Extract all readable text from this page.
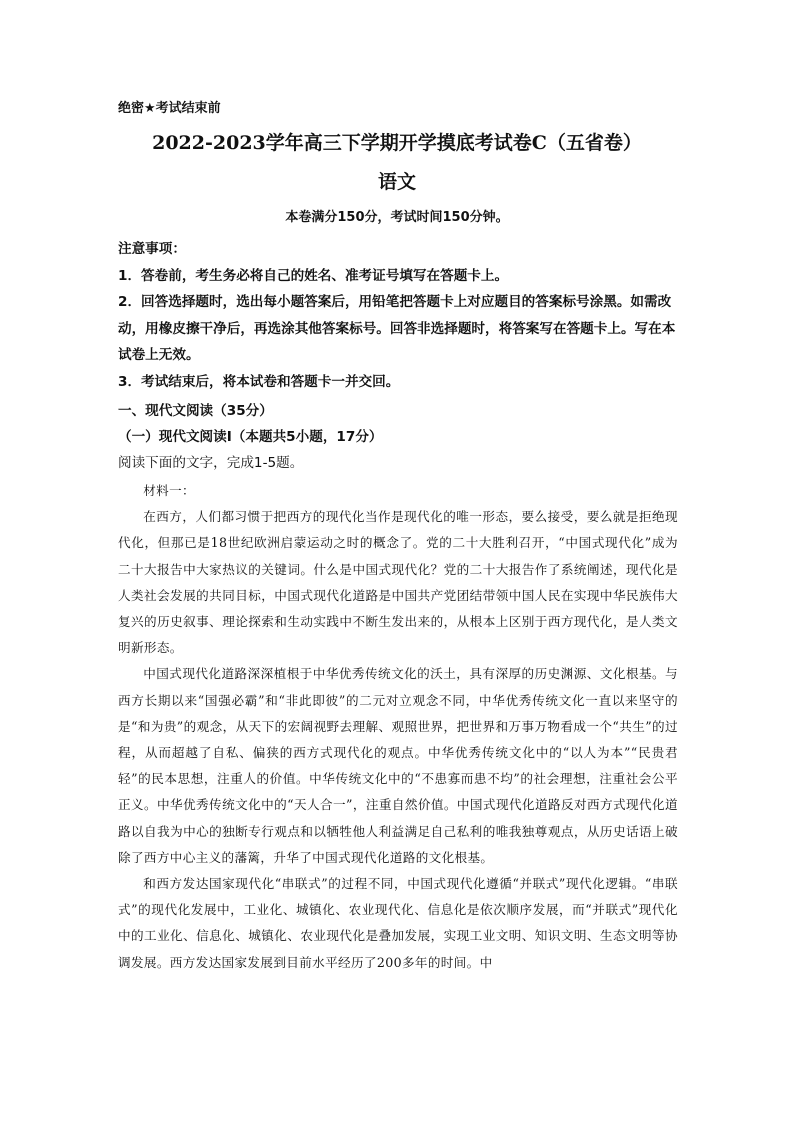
绝密★考试结束前
2022-2023学年高三下学期开学摸底考试卷C（五省卷）
语文
本卷满分150分，考试时间150分钟。

注意事项：

1．答卷前，考生务必将自己的姓名、准考证号填写在答题卡上。

2．回答选择题时，选出每小题答案后，用铅笔把答题卡上对应题目的答案标号涂黑。如需改动，用橡皮擦干净后，再选涂其他答案标号。回答非选择题时，将答案写在答题卡上。写在本试卷上无效。

3．考试结束后，将本试卷和答题卡一并交回。

一、现代文阅读（35分）

（一）现代文阅读Ⅰ（本题共5小题，17分）

阅读下面的文字，完成1-5题。

材料一：

在西方，人们都习惯于把西方的现代化当作是现代化的唯一形态，要么接受，要么就是拒绝现代化，但那已是18世纪欧洲启蒙运动之时的概念了。党的二十大胜利召开，“中国式现代化”成为二十大报告中大家热议的关键词。什么是中国式现代化？党的二十大报告作了系统阐述，现代化是人类社会发展的共同目标，中国式现代化道路是中国共产党团结带领中国人民在实现中华民族伟大复兴的历史叙事、理论探索和生动实践中不断生发出来的，从根本上区别于西方现代化，是人类文明新形态。

中国式现代化道路深深植根于中华优秀传统文化的沃土，具有深厚的历史渊源、文化根基。与西方长期以来“国强必霸”和“非此即彼”的二元对立观念不同，中华优秀传统文化一直以来坚守的是“和为贵”的观念，从天下的宏阔视野去理解、观照世界，把世界和万事万物看成一个“共生”的过程，从而超越了自私、偏狭的西方式现代化的观点。中华优秀传统文化中的“以人为本”“民贵君轻”的民本思想，注重人的价值。中华传统文化中的“不患寡而患不均”的社会理想，注重社会公平正义。中华优秀传统文化中的“天人合一”，注重自然价值。中国式现代化道路反对西方式现代化道路以自我为中心的独断专行观点和以牺牲他人利益满足自己私利的唯我独尊观点，从历史话语上破除了西方中心主义的藩篱，升华了中国式现代化道路的文化根基。

和西方发达国家现代化“串联式”的过程不同，中国式现代化遵循“并联式”现代化逻辑。“串联式”的现代化发展中，工业化、城镇化、农业现代化、信息化是依次顺序发展，而“并联式”现代化中的工业化、信息化、城镇化、农业现代化是叠加发展，实现工业文明、知识文明、生态文明等协调发展。西方发达国家发展到目前水平经历了200多年的时间。中
